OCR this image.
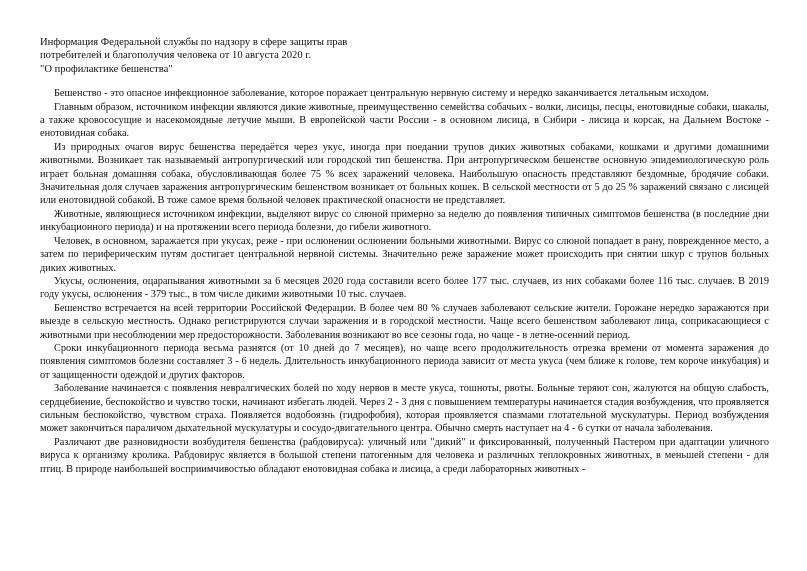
Информация Федеральной службы по надзору в сфере защиты прав
потребителей и благополучия человека от 10 августа 2020 г.
"О профилактике бешенства"

Бешенство - это опасное инфекционное заболевание, которое поражает центральную нервную систему и нередко заканчивается летальным исходом.

Главным образом, источником инфекции являются дикие животные, преимущественно семейства собачьих - волки, лисицы, песцы, енотовидные собаки, шакалы, а также кровососущие и насекомоядные летучие мыши. В европейской части России - в основном лисица, в Сибири - лисица и корсак, на Дальнем Востоке - енотовидная собака.

Из природных очагов вирус бешенства передаётся через укус, иногда при поедании трупов диких животных собаками, кошками и другими домашними животными. Возникает так называемый антропургический или городской тип бешенства. При антропургическом бешенстве основную эпидемиологическую роль играет больная домашняя собака, обусловливающая более 75 % всех заражений человека. Наибольшую опасность представляют бездомные, бродячие собаки. Значительная доля случаев заражения антропургическим бешенством возникает от больных кошек. В сельской местности от 5 до 25 % заражений связано с лисицей или енотовидной собакой. В тоже самое время больной человек практической опасности не представляет.

Животные, являющиеся источником инфекции, выделяют вирус со слюной примерно за неделю до появления типичных симптомов бешенства (в последние дни инкубационного периода) и на протяжении всего периода болезни, до гибели животного.

Человек, в основном, заражается при укусах, реже - при ослюнении ослюнении больными животными. Вирус со слюной попадает в рану, поврежденное место, а затем по периферическим путям достигает центральной нервной системы. Значительно реже заражение может происходить при снятии шкур с трупов больных диких животных.

Укусы, ослюнения, оцарапывания животными за 6 месяцев 2020 года составили всего более 177 тыс. случаев, из них собаками более 116 тыс. случаев. В 2019 году укусы, ослюнения - 379 тыс., в том числе дикими животными 10 тыс. случаев.

Бешенство встречается на всей территории Российской Федерации. В более чем 80 % случаев заболевают сельские жители. Горожане нередко заражаются при выезде в сельскую местность. Однако регистрируются случаи заражения и в городской местности. Чаще всего бешенством заболевают лица, соприкасающиеся с животными при несоблюдении мер предосторожности. Заболевания возникают во все сезоны года, но чаще - в летне-осенний период.

Сроки инкубационного периода весьма разнятся (от 10 дней до 7 месяцев), но чаще всего продолжительность отрезка времени от момента заражения до появления симптомов болезни составляет 3 - 6 недель. Длительность инкубационного периода зависит от места укуса (чем ближе к голове, тем короче инкубация) и от защищенности одеждой и других факторов.

Заболевание начинается с появления невралгических болей по ходу нервов в месте укуса, тошноты, рвоты. Больные теряют сон, жалуются на общую слабость, сердцебиение, беспокойство и чувство тоски, начинают избегать людей. Через 2 - 3 дня с повышением температуры начинается стадия возбуждения, что проявляется сильным беспокойство, чувством страха. Появляется водобоязнь (гидрофобия), которая проявляется спазмами глотательной мускулатуры. Период возбуждения может закончиться параличом дыхательной мускулатуры и сосудо-двигательного центра. Обычно смерть наступает на 4 - 6 сутки от начала заболевания.

Различают две разновидности возбудителя бешенства (рабдовируса): уличный или "дикий" и фиксированный, полученный Пастером при адаптации уличного вируса к организму кролика. Рабдовирус является в большой степени патогенным для человека и различных теплокровных животных, в меньшей степени - для птиц. В природе наибольшей восприимчивостью обладают енотовидная собака и лисица, а среди лабораторных животных -
